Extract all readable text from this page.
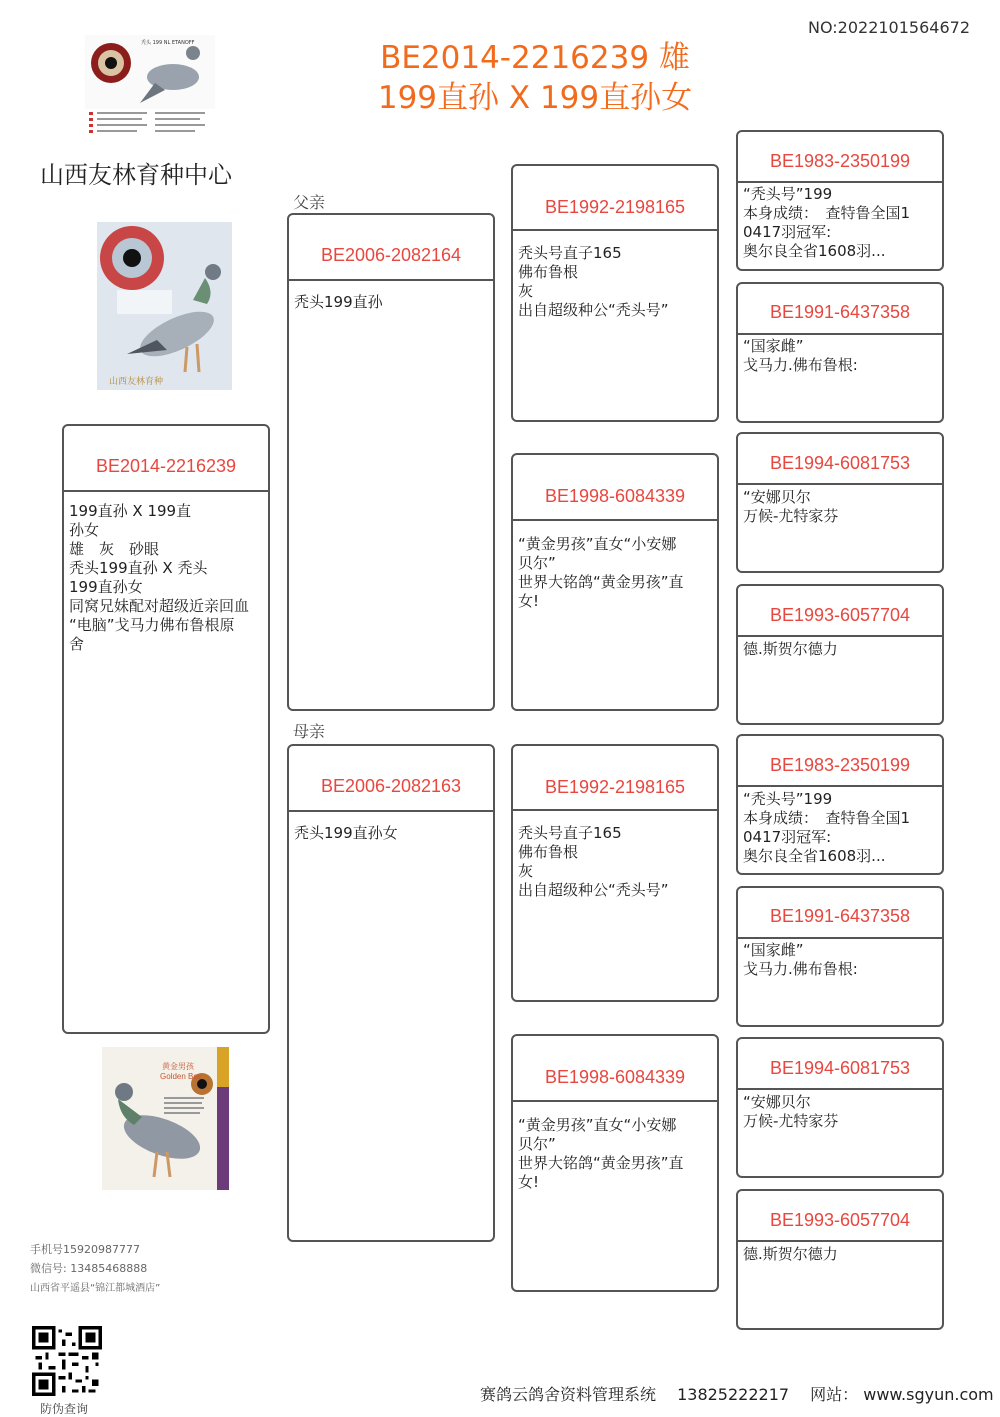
NO:2022101564672
BE2014-2216239 雄
199直孙 X 199直孙女
秃头 199 NL ETANOFF
山西友林育种中心
山西友林育种
BE2014-2216239
199直孙 X 199直
孙女
雄　灰　砂眼
秃头199直孙 X 秃头
199直孙女
同窝兄妹配对超级近亲回血
“电脑”戈马力佛布鲁根原
舍
黄金男孩
Golden Boy
手机号15920987777
微信号: 13485468888
山西省平遥县“锦江都城酒店”
防伪查询
父亲
母亲
BE2006-2082164
秃头199直孙
BE2006-2082163
秃头199直孙女
BE1992-2198165
秃头号直子165
佛布鲁根
灰
出自超级种公“秃头号”
BE1998-6084339
“黄金男孩”直女“小安娜
贝尔”
世界大铭鸽“黄金男孩”直
女!
BE1992-2198165
秃头号直子165
佛布鲁根
灰
出自超级种公“秃头号”
BE1998-6084339
“黄金男孩”直女“小安娜
贝尔”
世界大铭鸽“黄金男孩”直
女!
BE1983-2350199
“秃头号”199
本身成绩：　查特鲁全国1
0417羽冠军:
奥尔良全省1608羽...
BE1991-6437358
“国家雌”
戈马力.佛布鲁根:
BE1994-6081753
“安娜贝尔
万候-尤特家芬
BE1993-6057704
德.斯贺尔德力
BE1983-2350199
“秃头号”199
本身成绩：　查特鲁全国1
0417羽冠军:
奥尔良全省1608羽...
BE1991-6437358
“国家雌”
戈马力.佛布鲁根:
BE1994-6081753
“安娜贝尔
万候-尤特家芬
BE1993-6057704
德.斯贺尔德力
赛鸽云鸽舍资料管理系统　 13825222217　 网站： www.sgyun.com
